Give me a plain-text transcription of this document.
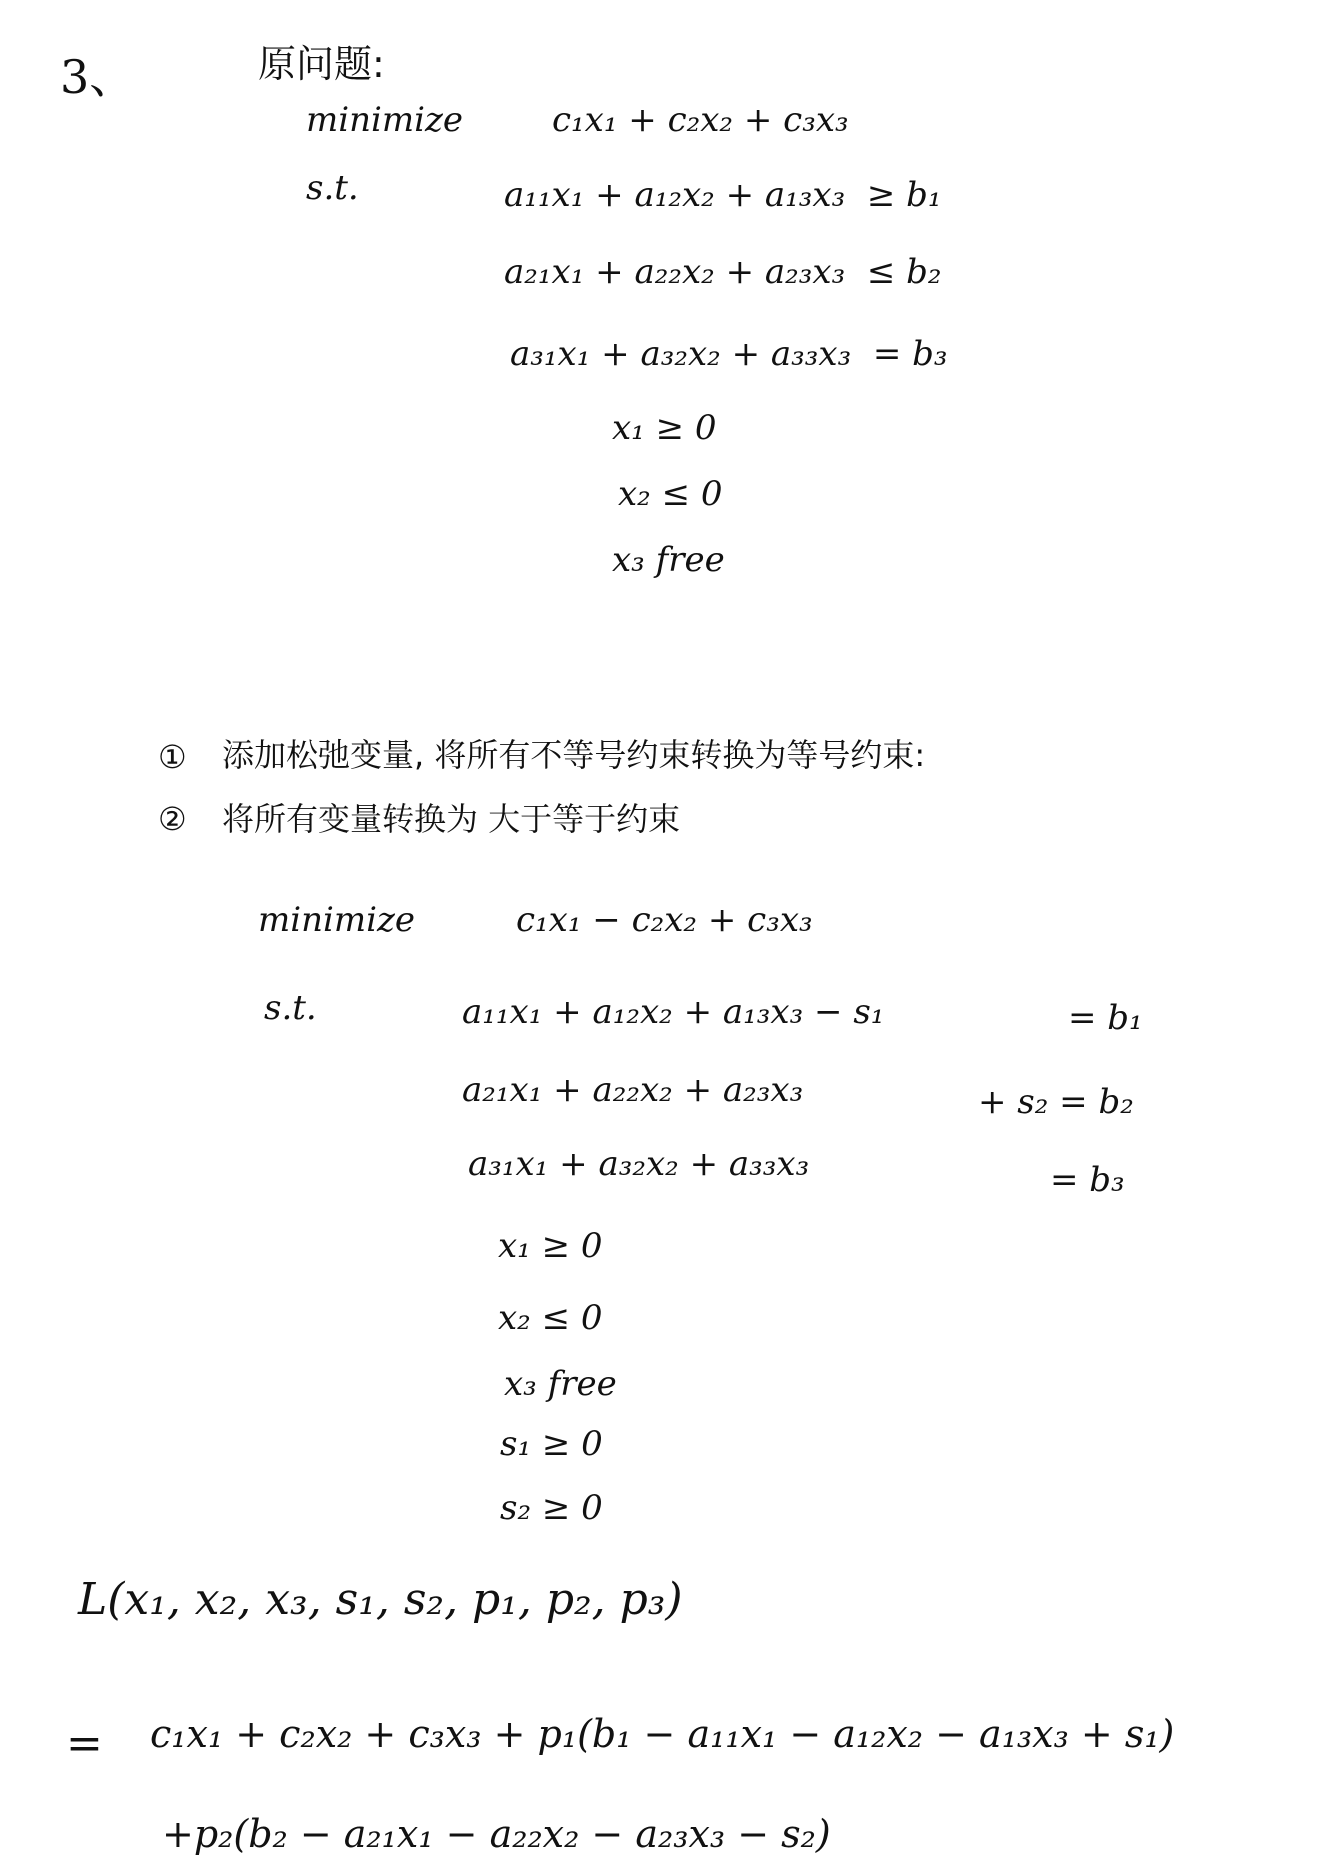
3、	原问题:
minimize	c₁x₁ + c₂x₂ + c₃x₃
s.t.	a₁₁x₁ + a₁₂x₂ + a₁₃x₃  ≥ b₁
a₂₁x₁ + a₂₂x₂ + a₂₃x₃  ≤ b₂
a₃₁x₁ + a₃₂x₂ + a₃₃x₃  = b₃
x₁ ≥ 0
x₂ ≤ 0
x₃ free
① 添加松弛变量, 将所有不等号约束转换为等号约束:
② 将所有变量转换为 大于等于约束
minimize	c₁x₁ − c₂x₂ + c₃x₃
s.t.	a₁₁x₁ + a₁₂x₂ + a₁₃x₃ − s₁	= b₁
a₂₁x₁ + a₂₂x₂ + a₂₃x₃	+ s₂ = b₂
a₃₁x₁ + a₃₂x₂ + a₃₃x₃	= b₃
x₁ ≥ 0
x₂ ≤ 0
x₃ free
s₁ ≥ 0
s₂ ≥ 0
L(x₁, x₂, x₃, s₁, s₂, p₁, p₂, p₃)
= c₁x₁ + c₂x₂ + c₃x₃ + p₁(b₁ − a₁₁x₁ − a₁₂x₂ − a₁₃x₃ + s₁)
+p₂(b₂ − a₂₁x₁ − a₂₂x₂ − a₂₃x₃ − s₂)
